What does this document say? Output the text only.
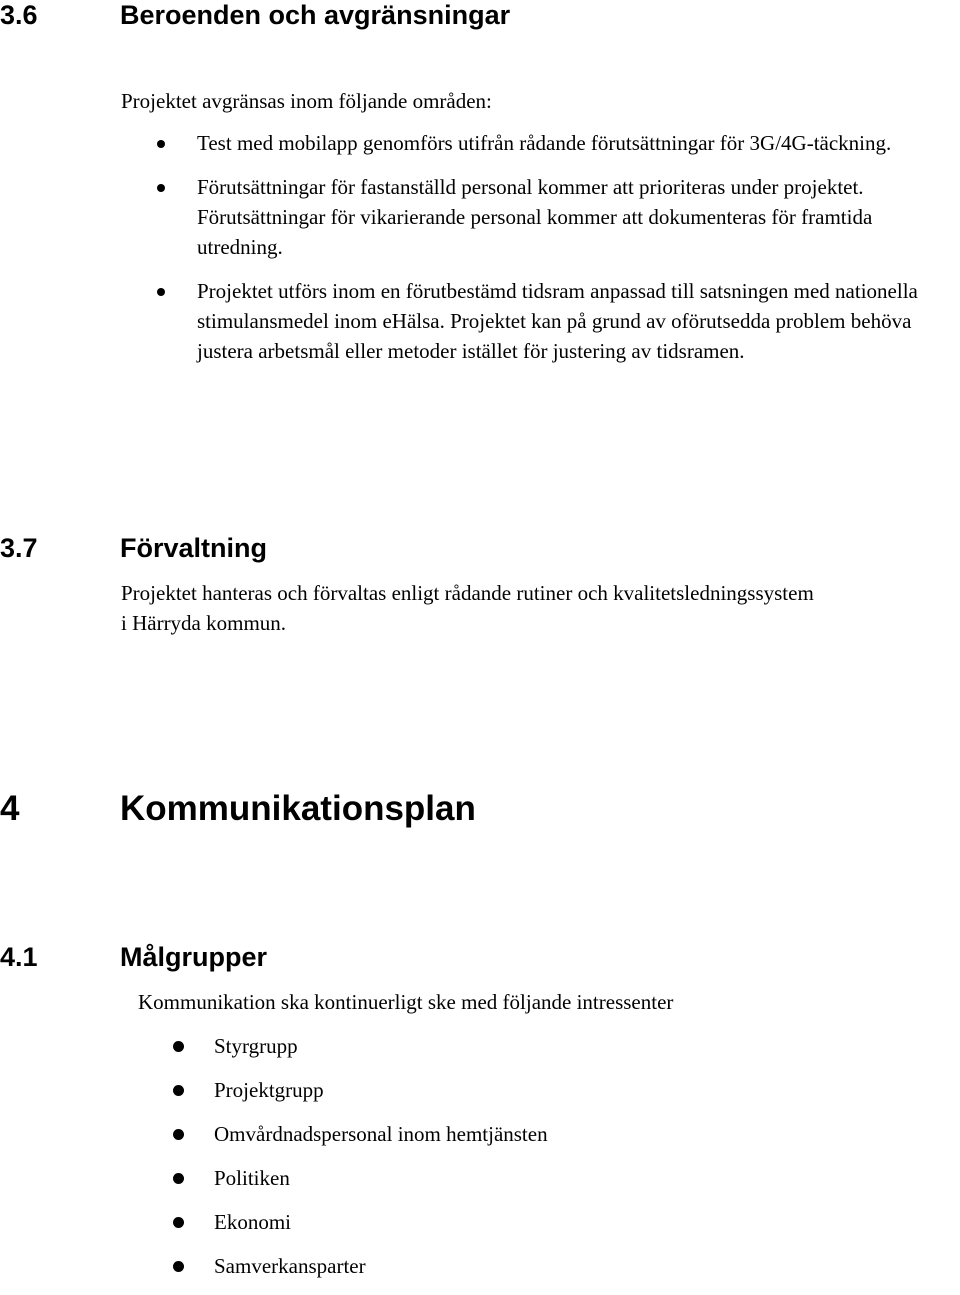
3.6	Beroenden och avgränsningar

Projektet avgränsas inom följande områden:

Test med mobilapp genomförs utifrån rådande förutsättningar för 3G/4G-täckning.
Förutsättningar för fastanställd personal kommer att prioriteras under projektet. Förutsättningar för vikarierande personal kommer att dokumenteras för framtida utredning.
Projektet utförs inom en förutbestämd tidsram anpassad till satsningen med nationella stimulansmedel inom eHälsa. Projektet kan på grund av oförutsedda problem behöva justera arbetsmål eller metoder istället för justering av tidsramen.
3.7	Förvaltning

Projektet hanteras och förvaltas enligt rådande rutiner och kvalitetsledningssystem

i Härryda kommun.

4	Kommunikationsplan
4.1	Målgrupper

Kommunikation ska kontinuerligt ske med följande intressenter

Styrgrupp
Projektgrupp
Omvårdnadspersonal inom hemtjänsten
Politiken
Ekonomi
Samverkansparter
